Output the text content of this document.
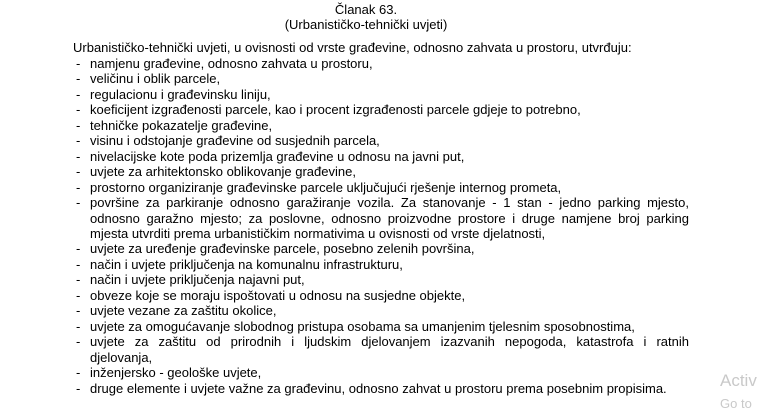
Članak 63.
(Urbanističko-tehnički uvjeti)
Urbanističko-tehnički uvjeti, u ovisnosti od vrste građevine, odnosno zahvata u prostoru, utvrđuju:
- namjenu građevine, odnosno zahvata u prostoru,
- veličinu i oblik parcele,
- regulacionu i građevinsku liniju,
- koeficijent izgrađenosti parcele, kao i procent izgrađenosti parcele gdjeje to potrebno,
- tehničke pokazatelje građevine,
- visinu i odstojanje građevine od susjednih parcela,
- nivelacijske kote poda prizemlja građevine u odnosu na javni put,
- uvjete za arhitektonsko oblikovanje građevine,
- prostorno organiziranje građevinske parcele uključujući rješenje internog prometa,
- površine za parkiranje odnosno garažiranje vozila. Za stanovanje - 1 stan - jedno parking mjesto,
odnosno garažno mjesto; za poslovne, odnosno proizvodne prostore i druge namjene broj parking
mjesta utvrditi prema urbanističkim normativima u ovisnosti od vrste djelatnosti,
- uvjete za uređenje građevinske parcele, posebno zelenih površina,
- način i uvjete priključenja na komunalnu infrastrukturu,
- način i uvjete priključenja najavni put,
- obveze koje se moraju ispoštovati u odnosu na susjedne objekte,
- uvjete vezane za zaštitu okolice,
- uvjete za omogućavanje slobodnog pristupa osobama sa umanjenim tjelesnim sposobnostima,
- uvjete za zaštitu od prirodnih i ljudskim djelovanjem izazvanih nepogoda, katastrofa i ratnih
djelovanja,
- inženjersko - geološke uvjete,
- druge elemente i uvjete važne za građevinu, odnosno zahvat u prostoru prema posebnim propisima.	Activ
Go to
